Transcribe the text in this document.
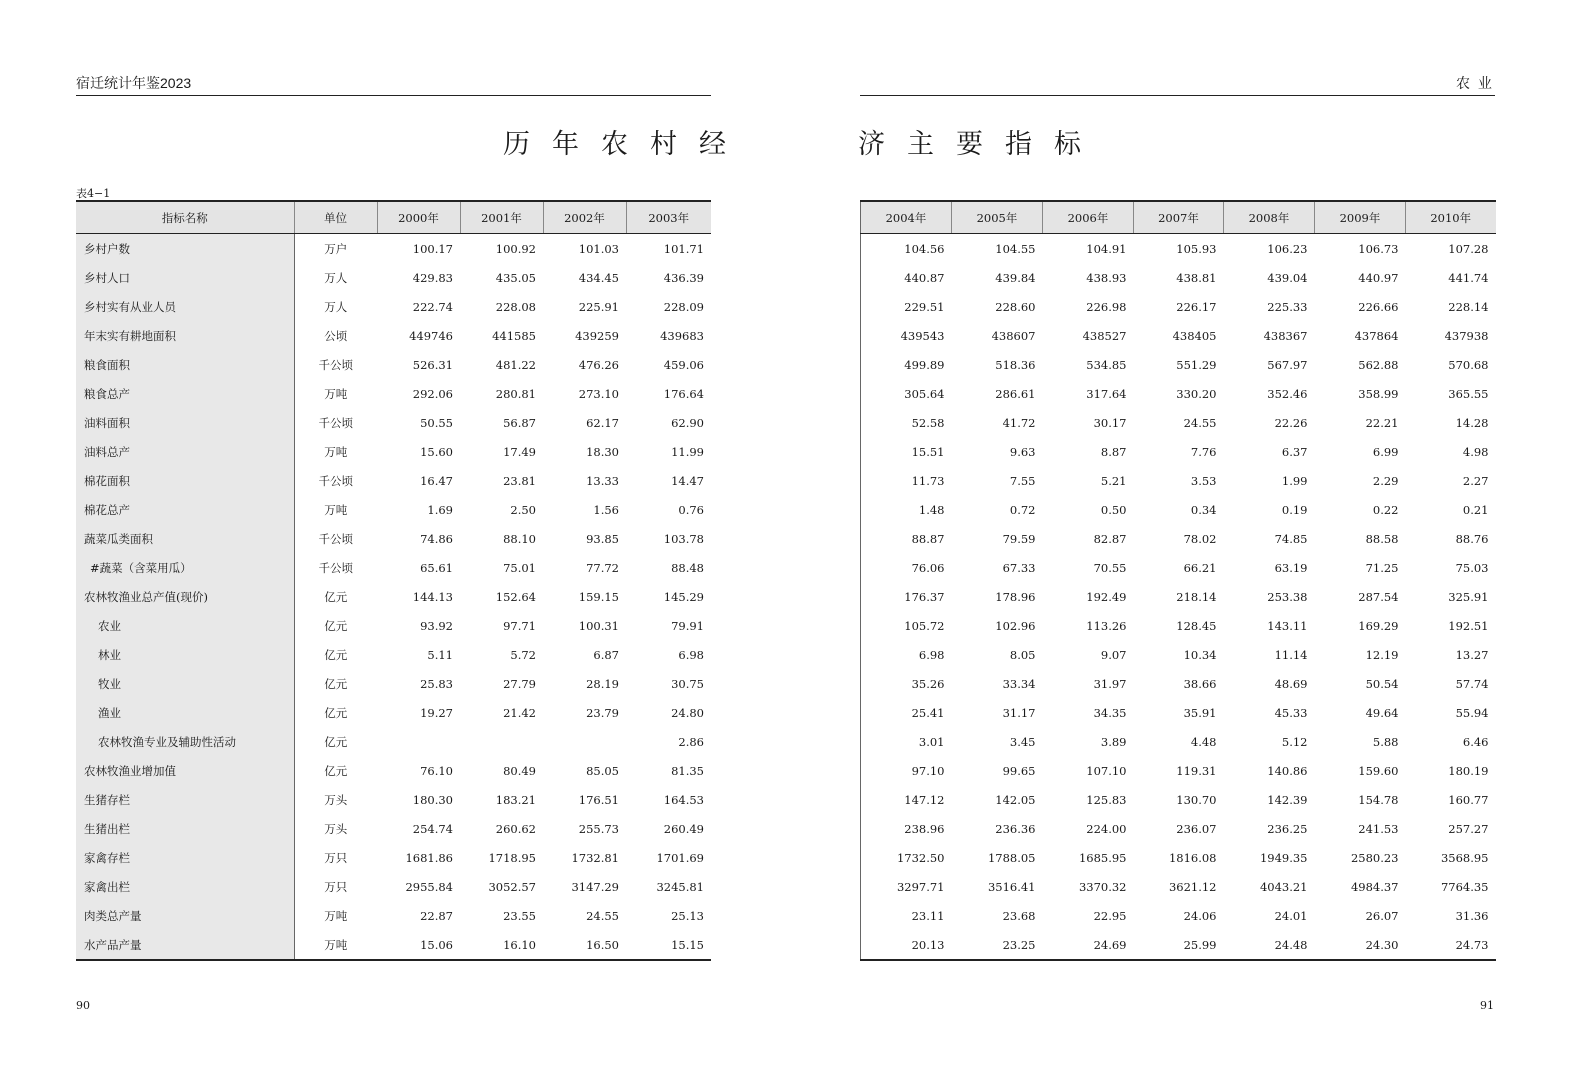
宿迁统计年鉴2023	农 业
历年农村经	济主要指标
表4−1
指标名称	单位	2000年	2001年	2002年	2003年
乡村户数	万户	100.17	100.92	101.03	101.71
乡村人口	万人	429.83	435.05	434.45	436.39
乡村实有从业人员	万人	222.74	228.08	225.91	228.09
年末实有耕地面积	公顷	449746	441585	439259	439683
粮食面积	千公顷	526.31	481.22	476.26	459.06
粮食总产	万吨	292.06	280.81	273.10	176.64
油料面积	千公顷	50.55	56.87	62.17	62.90
油料总产	万吨	15.60	17.49	18.30	11.99
棉花面积	千公顷	16.47	23.81	13.33	14.47
棉花总产	万吨	1.69	2.50	1.56	0.76
蔬菜瓜类面积	千公顷	74.86	88.10	93.85	103.78
#蔬菜（含菜用瓜）	千公顷	65.61	75.01	77.72	88.48
农林牧渔业总产值(现价)	亿元	144.13	152.64	159.15	145.29
农业	亿元	93.92	97.71	100.31	79.91
林业	亿元	5.11	5.72	6.87	6.98
牧业	亿元	25.83	27.79	28.19	30.75
渔业	亿元	19.27	21.42	23.79	24.80
农林牧渔专业及辅助性活动	亿元				2.86
农林牧渔业增加值	亿元	76.10	80.49	85.05	81.35
生猪存栏	万头	180.30	183.21	176.51	164.53
生猪出栏	万头	254.74	260.62	255.73	260.49
家禽存栏	万只	1681.86	1718.95	1732.81	1701.69
家禽出栏	万只	2955.84	3052.57	3147.29	3245.81
肉类总产量	万吨	22.87	23.55	24.55	25.13
水产品产量	万吨	15.06	16.10	16.50	15.15
2004年	2005年	2006年	2007年	2008年	2009年	2010年
104.56	104.55	104.91	105.93	106.23	106.73	107.28
440.87	439.84	438.93	438.81	439.04	440.97	441.74
229.51	228.60	226.98	226.17	225.33	226.66	228.14
439543	438607	438527	438405	438367	437864	437938
499.89	518.36	534.85	551.29	567.97	562.88	570.68
305.64	286.61	317.64	330.20	352.46	358.99	365.55
52.58	41.72	30.17	24.55	22.26	22.21	14.28
15.51	9.63	8.87	7.76	6.37	6.99	4.98
11.73	7.55	5.21	3.53	1.99	2.29	2.27
1.48	0.72	0.50	0.34	0.19	0.22	0.21
88.87	79.59	82.87	78.02	74.85	88.58	88.76
76.06	67.33	70.55	66.21	63.19	71.25	75.03
176.37	178.96	192.49	218.14	253.38	287.54	325.91
105.72	102.96	113.26	128.45	143.11	169.29	192.51
6.98	8.05	9.07	10.34	11.14	12.19	13.27
35.26	33.34	31.97	38.66	48.69	50.54	57.74
25.41	31.17	34.35	35.91	45.33	49.64	55.94
3.01	3.45	3.89	4.48	5.12	5.88	6.46
97.10	99.65	107.10	119.31	140.86	159.60	180.19
147.12	142.05	125.83	130.70	142.39	154.78	160.77
238.96	236.36	224.00	236.07	236.25	241.53	257.27
1732.50	1788.05	1685.95	1816.08	1949.35	2580.23	3568.95
3297.71	3516.41	3370.32	3621.12	4043.21	4984.37	7764.35
23.11	23.68	22.95	24.06	24.01	26.07	31.36
20.13	23.25	24.69	25.99	24.48	24.30	24.73
90	91
